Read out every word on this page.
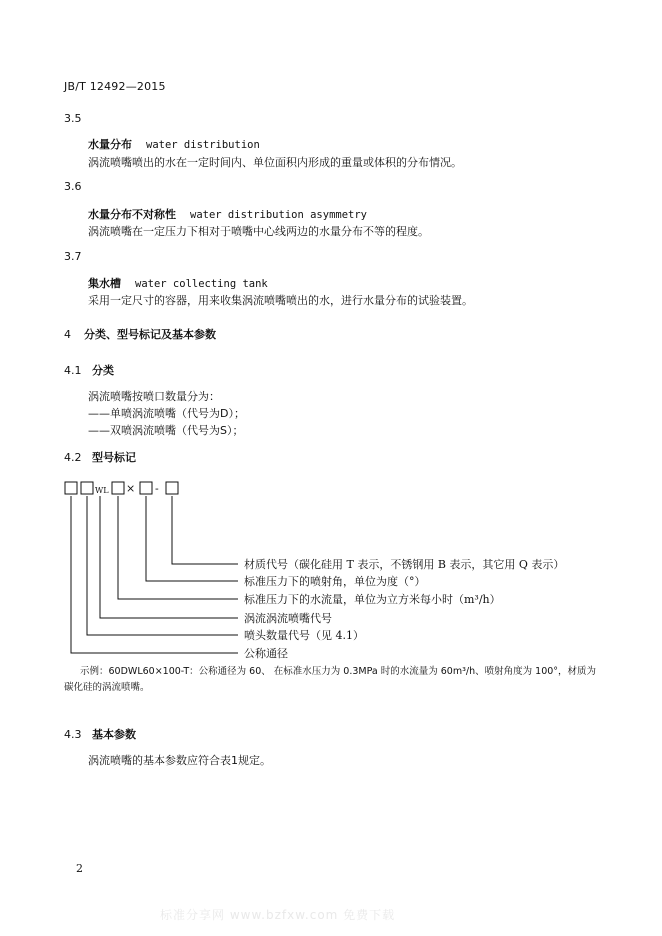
JB/T 12492—2015
3.5
水量分布 water distribution
涡流喷嘴喷出的水在一定时间内、单位面积内形成的重量或体积的分布情况。
3.6
水量分布不对称性 water distribution asymmetry
涡流喷嘴在一定压力下相对于喷嘴中心线两边的水量分布不等的程度。
3.7
集水槽 water collecting tank
采用一定尺寸的容器，用来收集涡流喷嘴喷出的水，进行水量分布的试验装置。
4 分类、型号标记及基本参数
4.1 分类
涡流喷嘴按喷口数量分为：
——单喷涡流喷嘴（代号为D）；
——双喷涡流喷嘴（代号为S）；
4.2 型号标记
WL × -
材质代号（碳化硅用 T 表示，不锈钢用 B 表示，其它用 Q 表示）
标准压力下的喷射角，单位为度（°）
标准压力下的水流量，单位为立方米每小时（m³/h）
涡流涡流喷嘴代号
喷头数量代号（见 4.1）
公称通径
示例：60DWL60×100-T：公称通径为 60、 在标准水压力为 0.3MPa 时的水流量为 60m³/h、喷射角度为 100°，材质为碳化硅的涡流喷嘴。
4.3 基本参数
涡流喷嘴的基本参数应符合表1规定。
2
标准分享网 www.bzfxw.com 免费下载
